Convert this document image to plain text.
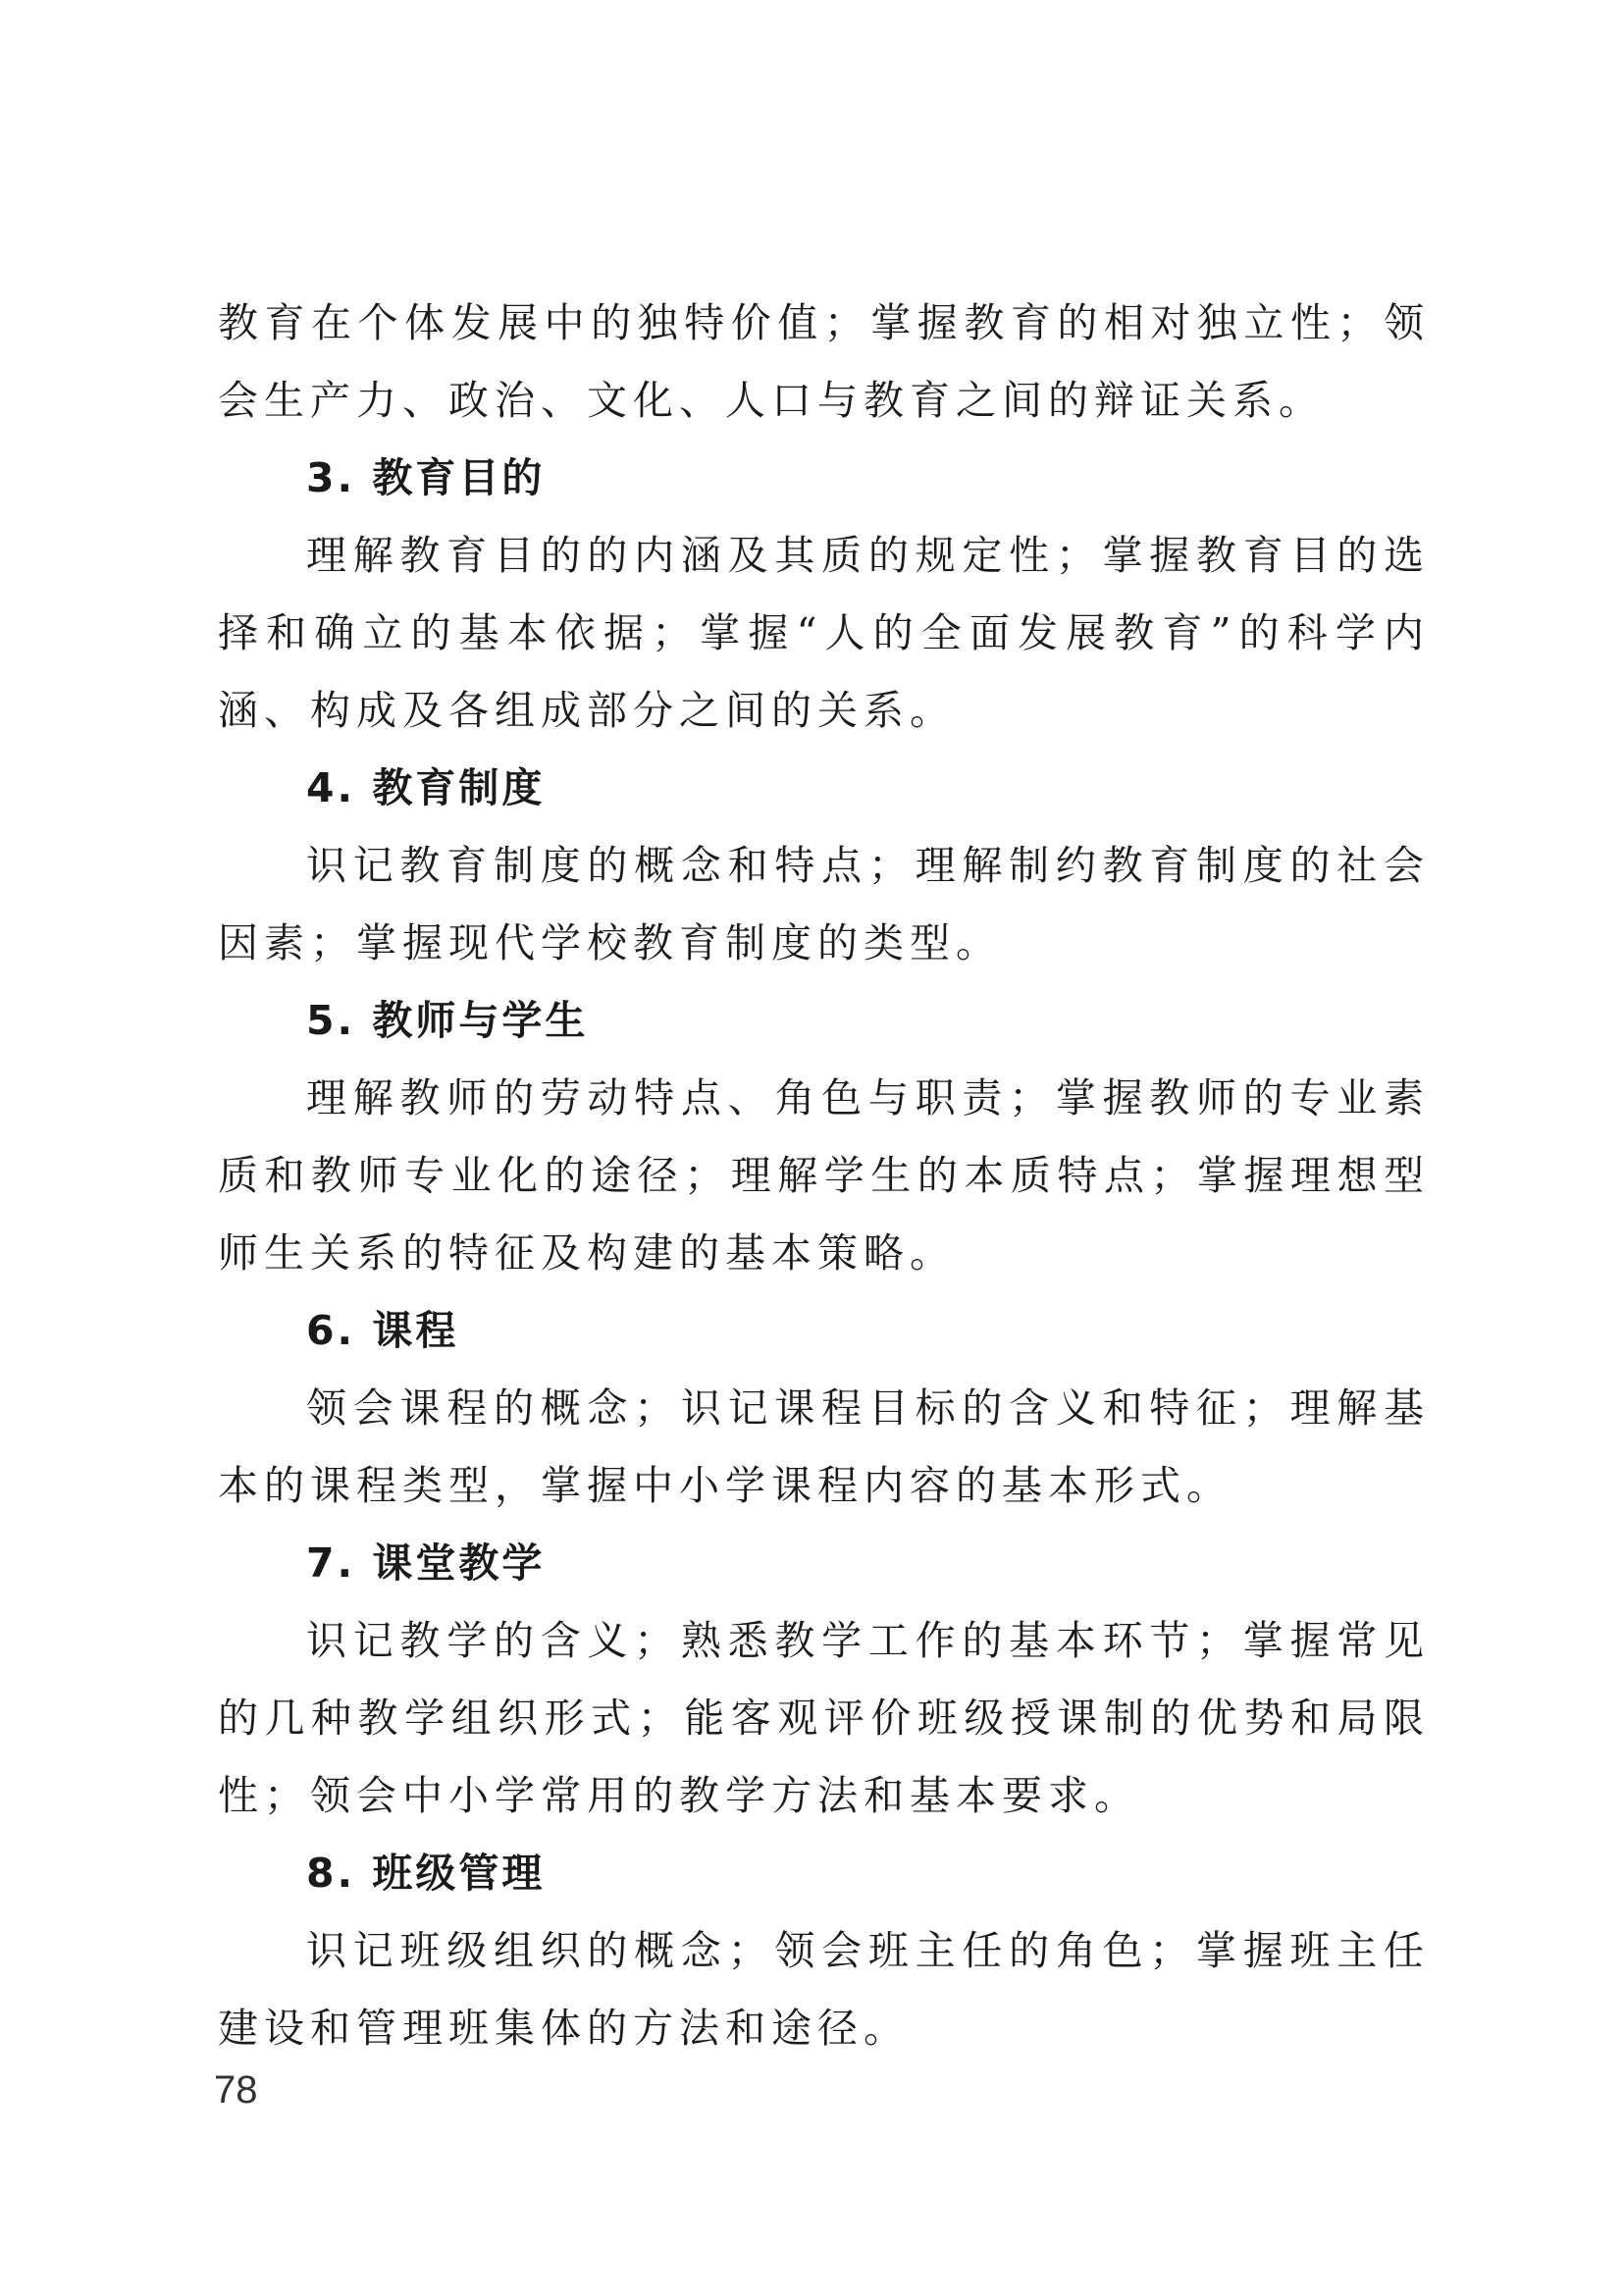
教育在个体发展中的独特价值；掌握教育的相对独立性；领会生产力、政治、文化、人口与教育之间的辩证关系。

3. 教育目的

理解教育目的的内涵及其质的规定性；掌握教育目的选择和确立的基本依据；掌握“人的全面发展教育”的科学内涵、构成及各组成部分之间的关系。

4. 教育制度

识记教育制度的概念和特点；理解制约教育制度的社会因素；掌握现代学校教育制度的类型。

5. 教师与学生

理解教师的劳动特点、角色与职责；掌握教师的专业素质和教师专业化的途径；理解学生的本质特点；掌握理想型师生关系的特征及构建的基本策略。

6. 课程

领会课程的概念；识记课程目标的含义和特征；理解基本的课程类型，掌握中小学课程内容的基本形式。

7. 课堂教学

识记教学的含义；熟悉教学工作的基本环节；掌握常见的几种教学组织形式；能客观评价班级授课制的优势和局限性；领会中小学常用的教学方法和基本要求。

8. 班级管理

识记班级组织的概念；领会班主任的角色；掌握班主任建设和管理班集体的方法和途径。

78
